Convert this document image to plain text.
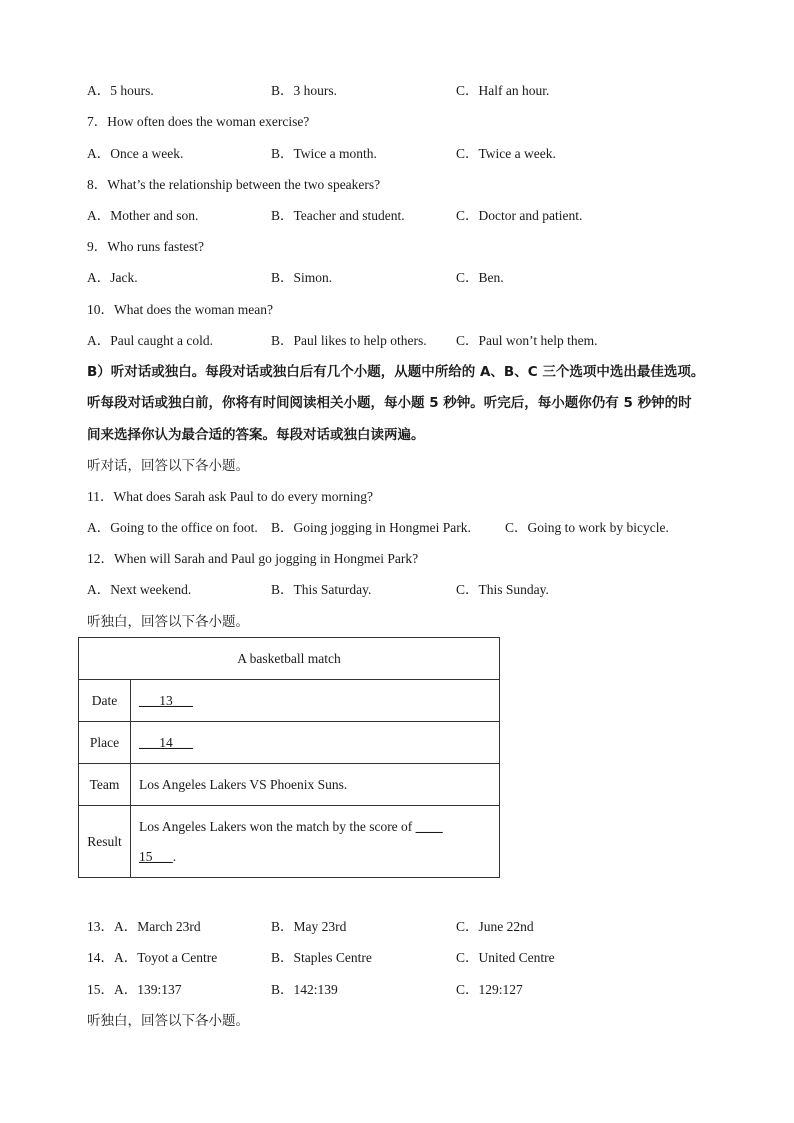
A．5 hours.	B．3 hours.	C．Half an hour.
7．How often does the woman exercise?
A．Once a week.	B．Twice a month.	C．Twice a week.
8．What’s the relationship between the two speakers?
A．Mother and son.	B．Teacher and student.	C．Doctor and patient.
9．Who runs fastest?
A．Jack.	B．Simon.	C．Ben.
10．What does the woman mean?
A．Paul caught a cold.	B．Paul likes to help others. C．Paul won’t help them.
B）听对话或独白。每段对话或独白后有几个小题，从题中所给的 A、B、C 三个选项中选出最佳选项。
听每段对话或独白前，你将有时间阅读相关小题，每小题 5 秒钟。听完后，每小题你仍有 5 秒钟的时
间来选择你认为最合适的答案。每段对话或独白读两遍。
听对话，回答以下各小题。
11．What does Sarah ask Paul to do every morning?
A．Going to the office on foot. B．Going jogging in Hongmei Park.	C．Going to work by bicycle.
12．When will Sarah and Paul go jogging in Hongmei Park?
A．Next weekend.	B．This Saturday.	C．This Sunday.
听独白，回答以下各小题。
A basketball match	
Date	___13___
Place	___14___
Team	Los Angeles Lakers VS Phoenix Suns.
Result	Los Angeles Lakers won the match by the score of ____
15___.
13．A．March 23rd	B．May 23rd	C．June 22nd
14．A．Toyot a Centre	B．Staples Centre	C．United Centre
15．A．139:137	B．142:139	C．129:127
听独白，回答以下各小题。
